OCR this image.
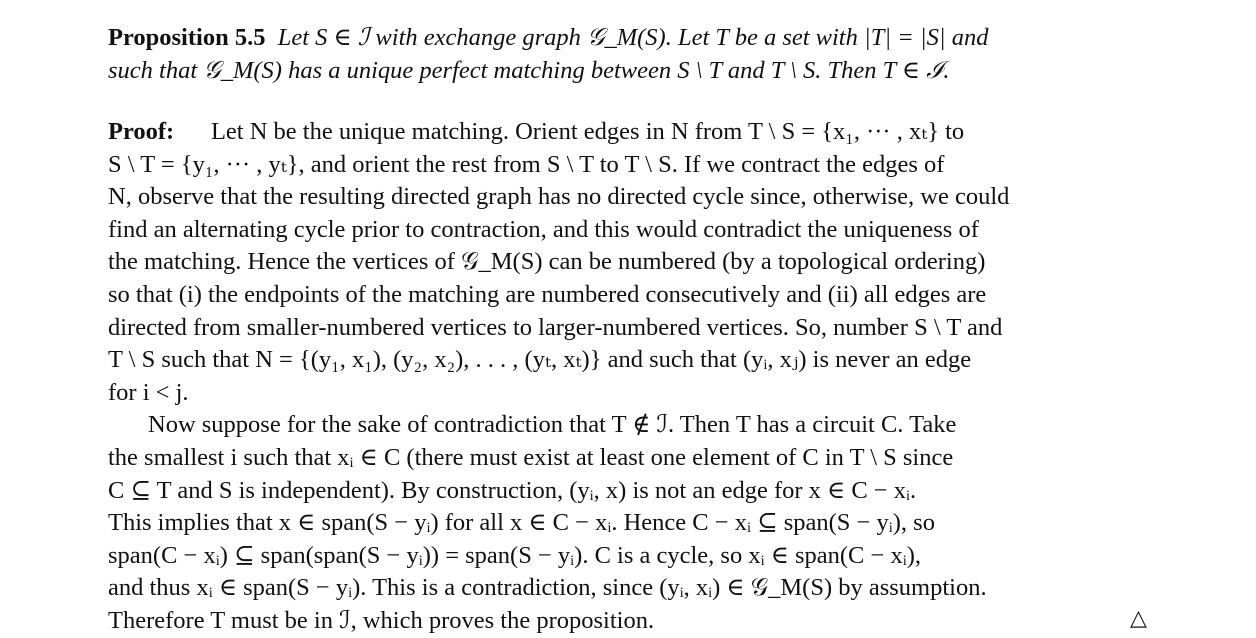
Proposition 5.5 Let S ∈ ℐ with exchange graph 𝒢_M(S). Let T be a set with |T| = |S| and
such that 𝒢_M(S) has a unique perfect matching between S \ T and T \ S. Then T ∈ ℐ.
Proof: Let N be the unique matching. Orient edges in N from T \ S = {x₁, ··· , xₜ} to
S \ T = {y₁, ··· , yₜ}, and orient the rest from S \ T to T \ S. If we contract the edges of
N, observe that the resulting directed graph has no directed cycle since, otherwise, we could
find an alternating cycle prior to contraction, and this would contradict the uniqueness of
the matching. Hence the vertices of 𝒢_M(S) can be numbered (by a topological ordering)
so that (i) the endpoints of the matching are numbered consecutively and (ii) all edges are
directed from smaller-numbered vertices to larger-numbered vertices. So, number S \ T and
T \ S such that N = {(y₁, x₁), (y₂, x₂), . . . , (yₜ, xₜ)} and such that (yᵢ, xⱼ) is never an edge
for i < j.
Now suppose for the sake of contradiction that T ∉ ℐ. Then T has a circuit C. Take
the smallest i such that xᵢ ∈ C (there must exist at least one element of C in T \ S since
C ⊆ T and S is independent). By construction, (yᵢ, x) is not an edge for x ∈ C − xᵢ.
This implies that x ∈ span(S − yᵢ) for all x ∈ C − xᵢ. Hence C − xᵢ ⊆ span(S − yᵢ), so
span(C − xᵢ) ⊆ span(span(S − yᵢ)) = span(S − yᵢ). C is a cycle, so xᵢ ∈ span(C − xᵢ),
and thus xᵢ ∈ span(S − yᵢ). This is a contradiction, since (yᵢ, xᵢ) ∈ 𝒢_M(S) by assumption.
Therefore T must be in ℐ, which proves the proposition.	△
